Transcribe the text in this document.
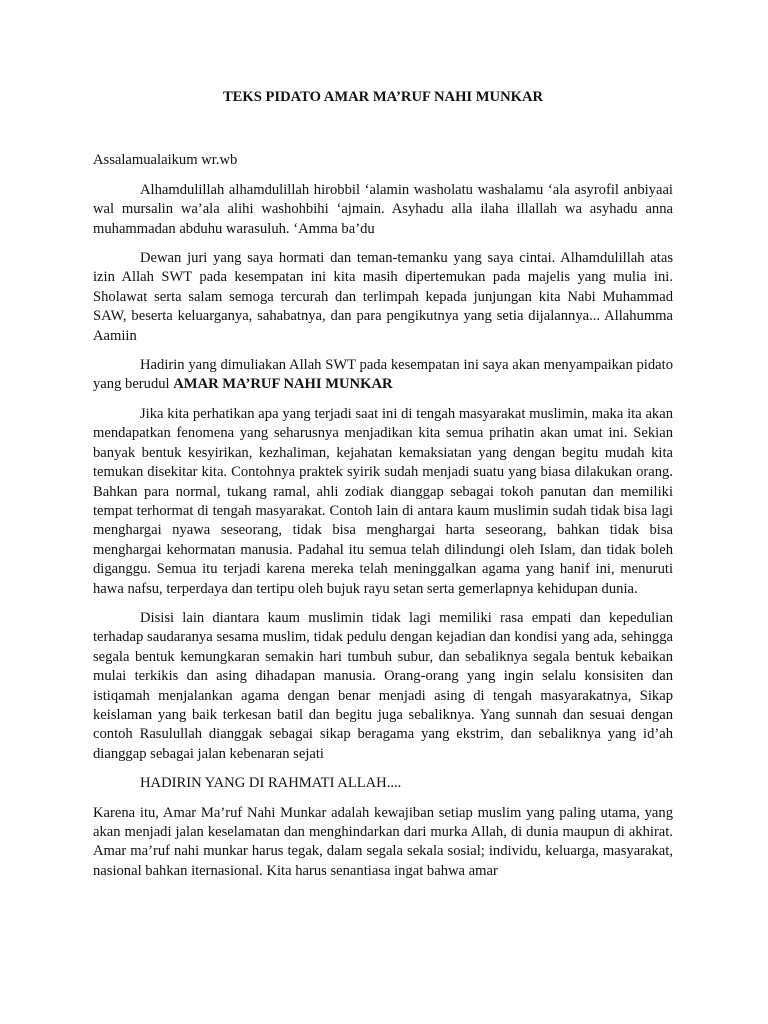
TEKS PIDATO AMAR MA’RUF NAHI MUNKAR
Assalamualaikum wr.wb

Alhamdulillah alhamdulillah hirobbil ‘alamin washolatu washalamu ‘ala asyrofil anbiyaai wal mursalin wa’ala alihi washohbihi ‘ajmain. Asyhadu alla ilaha illallah wa asyhadu anna muhammadan abduhu warasuluh. ‘Amma ba’du

Dewan juri yang saya hormati dan teman-temanku yang saya cintai. Alhamdulillah atas izin Allah SWT pada kesempatan ini kita masih dipertemukan pada majelis yang mulia ini. Sholawat serta salam semoga tercurah dan terlimpah kepada junjungan kita Nabi Muhammad SAW, beserta keluarganya, sahabatnya, dan para pengikutnya yang setia dijalannya... Allahumma Aamiin

Hadirin yang dimuliakan Allah SWT pada kesempatan ini saya akan menyampaikan pidato yang berudul AMAR MA’RUF NAHI MUNKAR

Jika kita perhatikan apa yang terjadi saat ini di tengah masyarakat muslimin, maka ita akan mendapatkan fenomena yang seharusnya menjadikan kita semua prihatin akan umat ini. Sekian banyak bentuk kesyirikan, kezhaliman, kejahatan kemaksiatan yang dengan begitu mudah kita temukan disekitar kita. Contohnya praktek syirik sudah menjadi suatu yang biasa dilakukan orang. Bahkan para normal, tukang ramal, ahli zodiak dianggap sebagai tokoh panutan dan memiliki tempat terhormat di tengah masyarakat. Contoh lain di antara kaum muslimin sudah tidak bisa lagi menghargai nyawa seseorang, tidak bisa menghargai harta seseorang, bahkan tidak bisa menghargai kehormatan manusia. Padahal itu semua telah dilindungi oleh Islam, dan tidak boleh diganggu. Semua itu terjadi karena mereka telah meninggalkan agama yang hanif ini, menuruti hawa nafsu, terperdaya dan tertipu oleh bujuk rayu setan serta gemerlapnya kehidupan dunia.

Disisi lain diantara kaum muslimin tidak lagi memiliki rasa empati dan kepedulian terhadap saudaranya sesama muslim, tidak pedulu dengan kejadian dan kondisi yang ada, sehingga segala bentuk kemungkaran semakin hari tumbuh subur, dan sebaliknya segala bentuk kebaikan mulai terkikis dan asing dihadapan manusia. Orang-orang yang ingin selalu konsisiten dan istiqamah menjalankan agama dengan benar menjadi asing di tengah masyarakatnya, Sikap keislaman yang baik terkesan batil dan begitu juga sebaliknya. Yang sunnah dan sesuai dengan contoh Rasulullah dianggak sebagai sikap beragama yang ekstrim, dan sebaliknya yang id’ah dianggap sebagai jalan kebenaran sejati

HADIRIN YANG DI RAHMATI ALLAH....

Karena itu, Amar Ma’ruf Nahi Munkar adalah kewajiban setiap muslim yang paling utama, yang akan menjadi jalan keselamatan dan menghindarkan dari murka Allah, di dunia maupun di akhirat. Amar ma’ruf nahi munkar harus tegak, dalam segala sekala sosial; individu, keluarga, masyarakat, nasional bahkan iternasional. Kita harus senantiasa ingat bahwa amar
